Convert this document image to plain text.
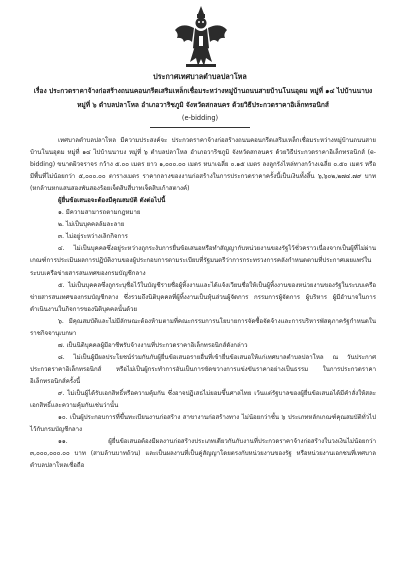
ประกาศเทศบาลตำบลปลาโหล
เรื่อง ประกวดราคาจ้างก่อสร้างถนนคอนกรีตเสริมเหล็กเชื่อมระหว่างหมู่บ้านถนนสายบ้านโนนอุดม หมู่ที่ ๑๔ ไปบ้านนาบง หมู่ที่ ๖ ตำบลปลาโหล อำเภอวาริชภูมิ จังหวัดสกลนคร ด้วยวิธีประกวดราคาอิเล็กทรอนิกส์
(e-bidding)

เทศบาลตำบลปลาโหล มีความประสงค์จะ ประกวดราคาจ้างก่อสร้างถนนคอนกรีตเสริมเหล็กเชื่อมระหว่างหมู่บ้านถนนสายบ้านโนนอุดม หมู่ที่ ๑๔ ไปบ้านนาบง หมู่ที่ ๖ ตำบลปลาโหล อำเภอวาริชภูมิ จังหวัดสกลนคร ด้วยวิธีประกวดราคาอิเล็กทรอนิกส์ (e-bidding) ขนาดผิวจราจร กว้าง ๕.๐๐ เมตร ยาว ๑,๐๐๐.๐๐ เมตร หนาเฉลี่ย ๐.๑๕ เมตร ลงลูกรังไหล่ทางกว้างเฉลี่ย ๐.๕๐ เมตร หรือมีพื้นที่ไม่น้อยกว่า ๕,๐๐๐.๐๐ ตารางเมตร ราคากลางของงานก่อสร้างในการประกวดราคาครั้งนี้เป็นเงินทั้งสิ้น ๖,๖๐๒,๒๗๔.๗๙ บาท (หกล้านหกแสนสองพันสองร้อยเจ็ดสิบสี่บาทเจ็ดสิบเก้าสตางค์)

ผู้ยื่นข้อเสนอจะต้องมีคุณสมบัติ ดังต่อไปนี้

๑. มีความสามารถตามกฎหมาย

๒. ไม่เป็นบุคคลล้มละลาย

๓. ไม่อยู่ระหว่างเลิกกิจการ

๔. ไม่เป็นบุคคลซึ่งอยู่ระหว่างถูกระงับการยื่นข้อเสนอหรือทำสัญญากับหน่วยงานของรัฐไว้ชั่วคราวเนื่องจากเป็นผู้ที่ไม่ผ่านเกณฑ์การประเมินผลการปฏิบัติงานของผู้ประกอบการตามระเบียบที่รัฐมนตรีว่าการกระทรวงการคลังกำหนดตามที่ประกาศเผยแพร่ในระบบเครือข่ายสารสนเทศของกรมบัญชีกลาง

๕. ไม่เป็นบุคคลซึ่งถูกระบุชื่อไว้ในบัญชีรายชื่อผู้ทิ้งงานและได้แจ้งเวียนชื่อให้เป็นผู้ทิ้งงานของหน่วยงานของรัฐในระบบเครือข่ายสารสนเทศของกรมบัญชีกลาง ซึ่งรวมถึงนิติบุคคลที่ผู้ทิ้งงานเป็นหุ้นส่วนผู้จัดการ กรรมการผู้จัดการ ผู้บริหาร ผู้มีอำนาจในการดำเนินงานในกิจการของนิติบุคคลนั้นด้วย

๖. มีคุณสมบัติและไม่มีลักษณะต้องห้ามตามที่คณะกรรมการนโยบายการจัดซื้อจัดจ้างและการบริหารพัสดุภาครัฐกำหนดในราชกิจจานุเบกษา

๗. เป็นนิติบุคคลผู้มีอาชีพรับจ้างงานที่ประกวดราคาอิเล็กทรอนิกส์ดังกล่าว

๘. ไม่เป็นผู้มีผลประโยชน์ร่วมกันกับผู้ยื่นข้อเสนอรายอื่นที่เข้ายื่นข้อเสนอให้แก่เทศบาลตำบลปลาโหล ณ วันประกาศประกวดราคาอิเล็กทรอนิกส์ หรือไม่เป็นผู้กระทำการอันเป็นการขัดขวางการแข่งขันราคาอย่างเป็นธรรม ในการประกวดราคาอิเล็กทรอนิกส์ครั้งนี้

๙. ไม่เป็นผู้ได้รับเอกสิทธิ์หรือความคุ้มกัน ซึ่งอาจปฏิเสธไม่ยอมขึ้นศาลไทย เว้นแต่รัฐบาลของผู้ยื่นข้อเสนอได้มีคำสั่งให้สละเอกสิทธิ์และความคุ้มกันเช่นว่านั้น

๑๐. เป็นผู้ประกอบการที่ขึ้นทะเบียนงานก่อสร้าง สาขางานก่อสร้างทาง ไม่น้อยกว่าชั้น ๖ ประเภทหลักเกณฑ์คุณสมบัติทั่วไป ไว้กับกรมบัญชีกลาง

๑๑. ผู้ยื่นข้อเสนอต้องมีผลงานก่อสร้างประเภทเดียวกันกับงานที่ประกวดราคาจ้างก่อสร้างในวงเงินไม่น้อยกว่า ๓,๐๐๐,๐๐๐.๐๐ บาท (สามล้านบาทถ้วน) และเป็นผลงานที่เป็นคู่สัญญาโดยตรงกับหน่วยงานของรัฐ หรือหน่วยงานเอกชนที่เทศบาลตำบลปลาโหลเชื่อถือ
